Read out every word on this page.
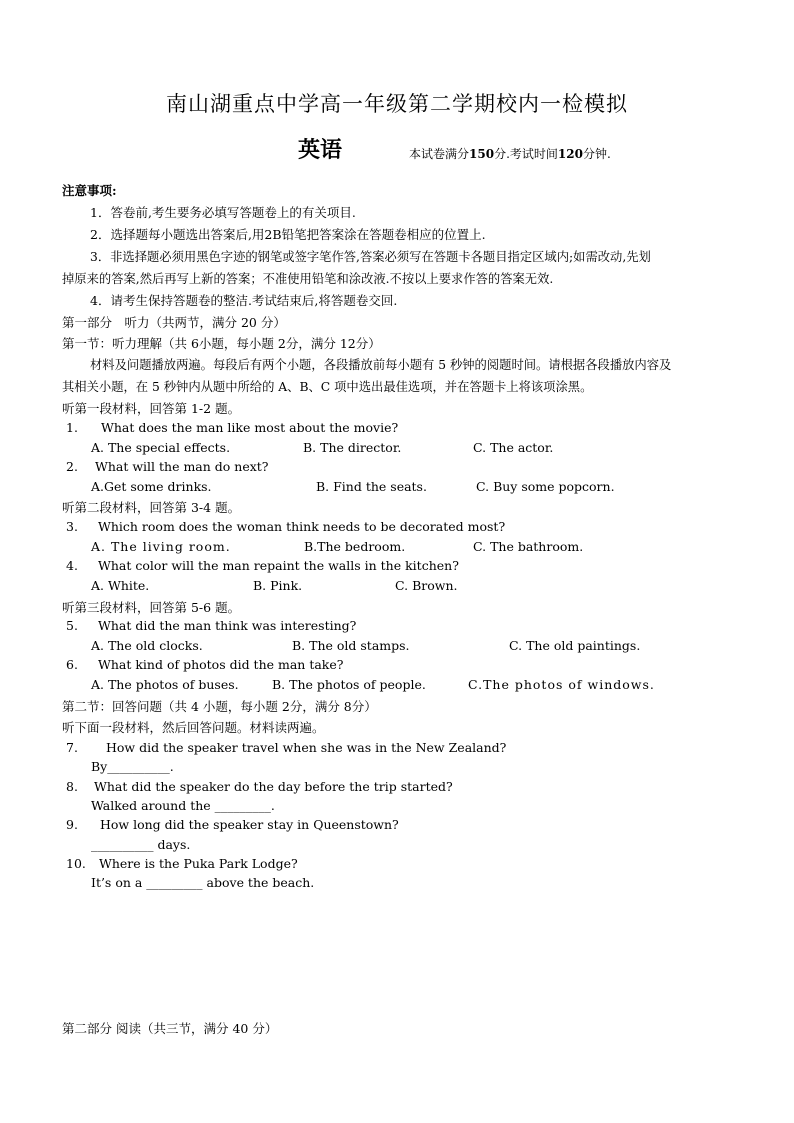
南山湖重点中学高一年级第二学期校内一检模拟
英语	本试卷满分150分.考试时间120分钟.
注意事项:
1．答卷前,考生要务必填写答题卷上的有关项目.
2．选择题每小题选出答案后,用2B铅笔把答案涂在答题卷相应的位置上.
3．非选择题必须用黑色字迹的钢笔或签字笔作答,答案必须写在答题卡各题目指定区域内;如需改动,先划
掉原来的答案,然后再写上新的答案；不准使用铅笔和涂改液.不按以上要求作答的答案无效.
4．请考生保持答题卷的整洁.考试结束后,将答题卷交回.
第一部分　听力（共两节，满分 20 分）
第一节：听力理解（共 6小题，每小题 2分，满分 12分）
材料及问题播放两遍。每段后有两个小题，各段播放前每小题有 5 秒钟的阅题时间。请根据各段播放内容及
其相关小题，在 5 秒钟内从题中所给的 A、B、C 项中选出最佳选项，并在答题卡上将该项涂黑。
听第一段材料，回答第 1-2 题。
1. What does the man like most about the movie?
A. The special effects.	B. The director.	C. The actor.
2. What will the man do next?
A.Get some drinks.	B. Find the seats.	C. Buy some popcorn.
听第二段材料，回答第 3-4 题。
3. Which room does the woman think needs to be decorated most?
A. The living room.	B.The bedroom.	C. The bathroom.
4. What color will the man repaint the walls in the kitchen?
A. White.	B. Pink.	C. Brown.
听第三段材料，回答第 5-6 题。
5. What did the man think was interesting?
A. The old clocks.	B. The old stamps.	C. The old paintings.
6. What kind of photos did the man take?
A. The photos of buses.	B. The photos of people.	C.The photos of windows.
第二节：回答问题（共 4 小题，每小题 2分，满分 8分）
听下面一段材料，然后回答问题。材料读两遍。
7. How did the speaker travel when she was in the New Zealand?
By__________.
8. What did the speaker do the day before the trip started?
Walked around the _________.
9. How long did the speaker stay in Queenstown?
__________ days.
10. Where is the Puka Park Lodge?
It’s on a _________ above the beach.
第二部分 阅读（共三节，满分 40 分）
